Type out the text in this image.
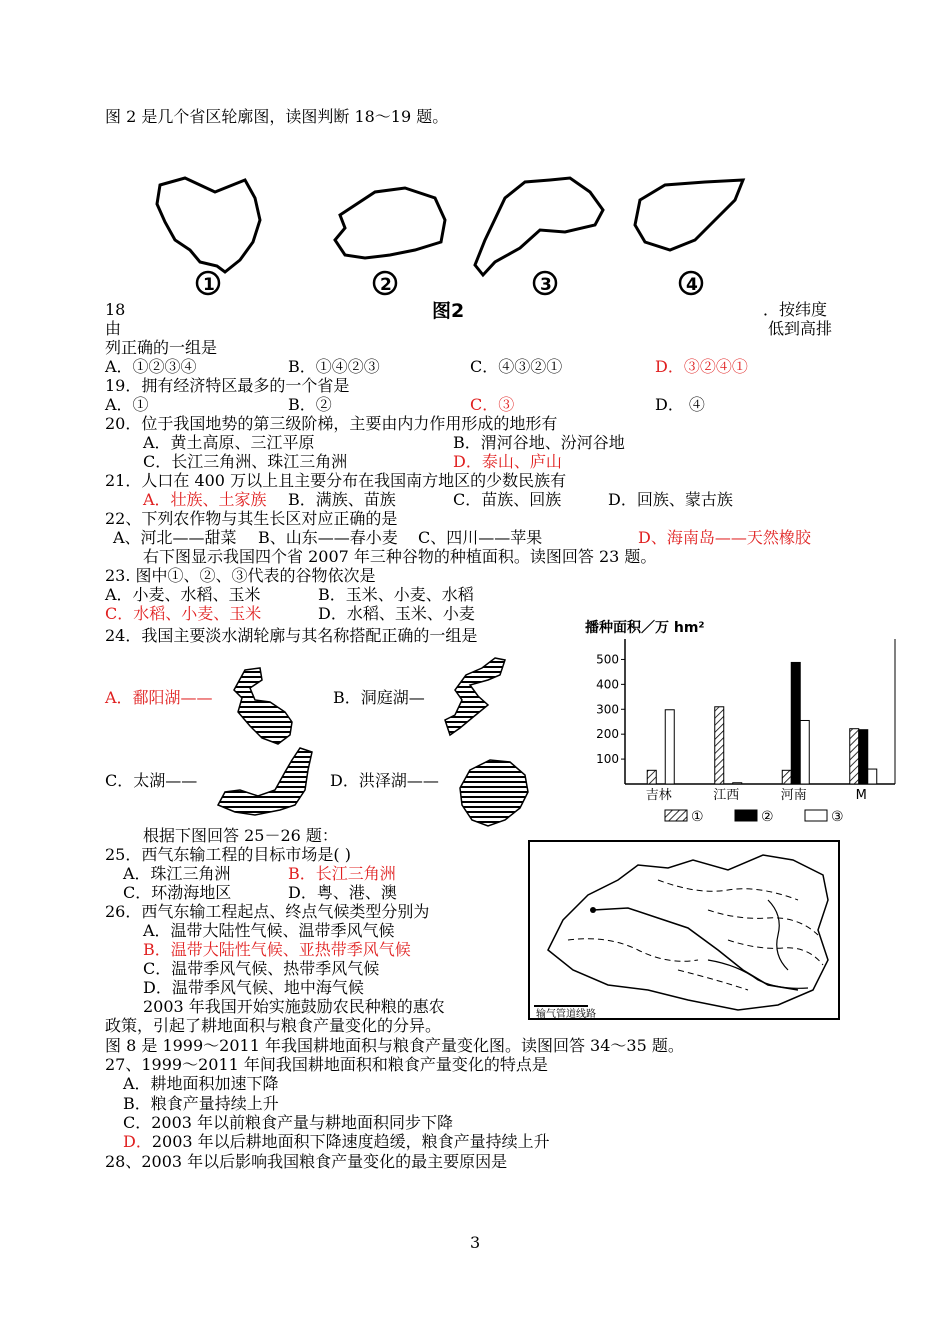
图 2 是几个省区轮廓图，读图判断 18～19 题。
① 1	2	3	4
图2
18
由
．按纬度
低到高排
列正确的一组是
A．①②③④	B．①④②③	C．④③②①	D．③②④①
19．拥有经济特区最多的一个省是
A．①	B．②	C．③	D． ④
20．位于我国地势的第三级阶梯，主要由内力作用形成的地形有
A．黄土高原、三江平原	B．渭河谷地、汾河谷地
C．长江三角洲、珠江三角洲	D．泰山、庐山
21．人口在 400 万以上且主要分布在我国南方地区的少数民族有
A．壮族、土家族 B．满族、苗族	C．苗族、回族	D．回族、蒙古族
22、下列农作物与其生长区对应正确的是
A、河北——甜菜 B、山东——春小麦 C、四川——苹果	D、海南岛——天然橡胶
右下图显示我国四个省 2007 年三种谷物的种植面积。读图回答 23 题。
23. 图中①、②、③代表的谷物依次是
A．小麦、水稻、玉米	B．玉米、小麦、水稻
C．水稻、小麦、玉米	D．水稻、玉米、小麦
24．我国主要淡水湖轮廓与其名称搭配正确的一组是
A．鄱阳湖——	B．洞庭湖—
C．太湖——	D．洪泽湖——
播种面积／万 hm²
100
200
300
400
500
吉林	江西	河南	M
①	②	③
根据下图回答 25－26 题：
25．西气东输工程的目标市场是( )
A．珠江三角洲	B．长江三角洲
C．环渤海地区	D．粤、港、澳
26．西气东输工程起点、终点气候类型分别为
A．温带大陆性气候、温带季风气候
B．温带大陆性气候、亚热带季风气候
C．温带季风气候、热带季风气候
D．温带季风气候、地中海气候
输气管道线路
2003 年我国开始实施鼓励农民种粮的惠农
政策，引起了耕地面积与粮食产量变化的分异。
图 8 是 1999～2011 年我国耕地面积与粮食产量变化图。读图回答 34～35 题。
27、1999～2011 年间我国耕地面积和粮食产量变化的特点是
A．耕地面积加速下降
B．粮食产量持续上升
C．2003 年以前粮食产量与耕地面积同步下降
D．2003 年以后耕地面积下降速度趋缓，粮食产量持续上升
28、2003 年以后影响我国粮食产量变化的最主要原因是
3
